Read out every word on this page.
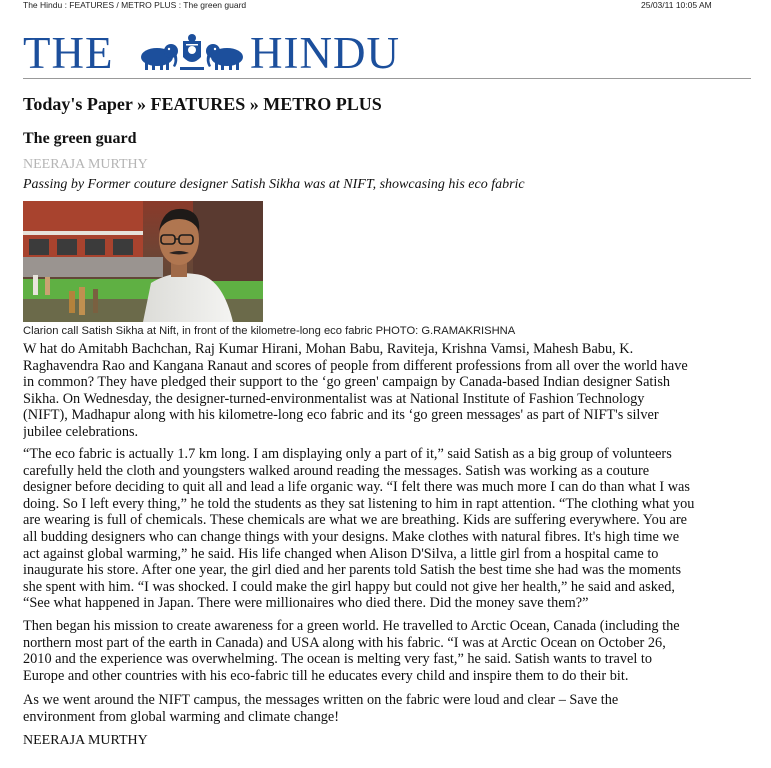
The Hindu : FEATURES / METRO PLUS : The green guard	25/03/11 10:05 AM
THE	HINDU
Today's Paper » FEATURES » METRO PLUS
The green guard
NEERAJA MURTHY
Passing by Former couture designer Satish Sikha was at NIFT, showcasing his eco fabric
Clarion call Satish Sikha at Nift, in front of the kilometre-long eco fabric PHOTO: G.RAMAKRISHNA
W hat do Amitabh Bachchan, Raj Kumar Hirani, Mohan Babu, Raviteja, Krishna Vamsi, Mahesh Babu, K.
Raghavendra Rao and Kangana Ranaut and scores of people from different professions from all over the world have
in common? They have pledged their support to the ‘go green' campaign by Canada-based Indian designer Satish
Sikha. On Wednesday, the designer-turned-environmentalist was at National Institute of Fashion Technology
(NIFT), Madhapur along with his kilometre-long eco fabric and its ‘go green messages' as part of NIFT's silver
jubilee celebrations.
“The eco fabric is actually 1.7 km long. I am displaying only a part of it,” said Satish as a big group of volunteers
carefully held the cloth and youngsters walked around reading the messages. Satish was working as a couture
designer before deciding to quit all and lead a life organic way. “I felt there was much more I can do than what I was
doing. So I left every thing,” he told the students as they sat listening to him in rapt attention. “The clothing what you
are wearing is full of chemicals. These chemicals are what we are breathing. Kids are suffering everywhere. You are
all budding designers who can change things with your designs. Make clothes with natural fibres. It's high time we
act against global warming,” he said. His life changed when Alison D'Silva, a little girl from a hospital came to
inaugurate his store. After one year, the girl died and her parents told Satish the best time she had was the moments
she spent with him. “I was shocked. I could make the girl happy but could not give her health,” he said and asked,
“See what happened in Japan. There were millionaires who died there. Did the money save them?”
Then began his mission to create awareness for a green world. He travelled to Arctic Ocean, Canada (including the
northern most part of the earth in Canada) and USA along with his fabric. “I was at Arctic Ocean on October 26,
2010 and the experience was overwhelming. The ocean is melting very fast,” he said. Satish wants to travel to
Europe and other countries with his eco-fabric till he educates every child and inspire them to do their bit.
As we went around the NIFT campus, the messages written on the fabric were loud and clear – Save the
environment from global warming and climate change!
NEERAJA MURTHY
